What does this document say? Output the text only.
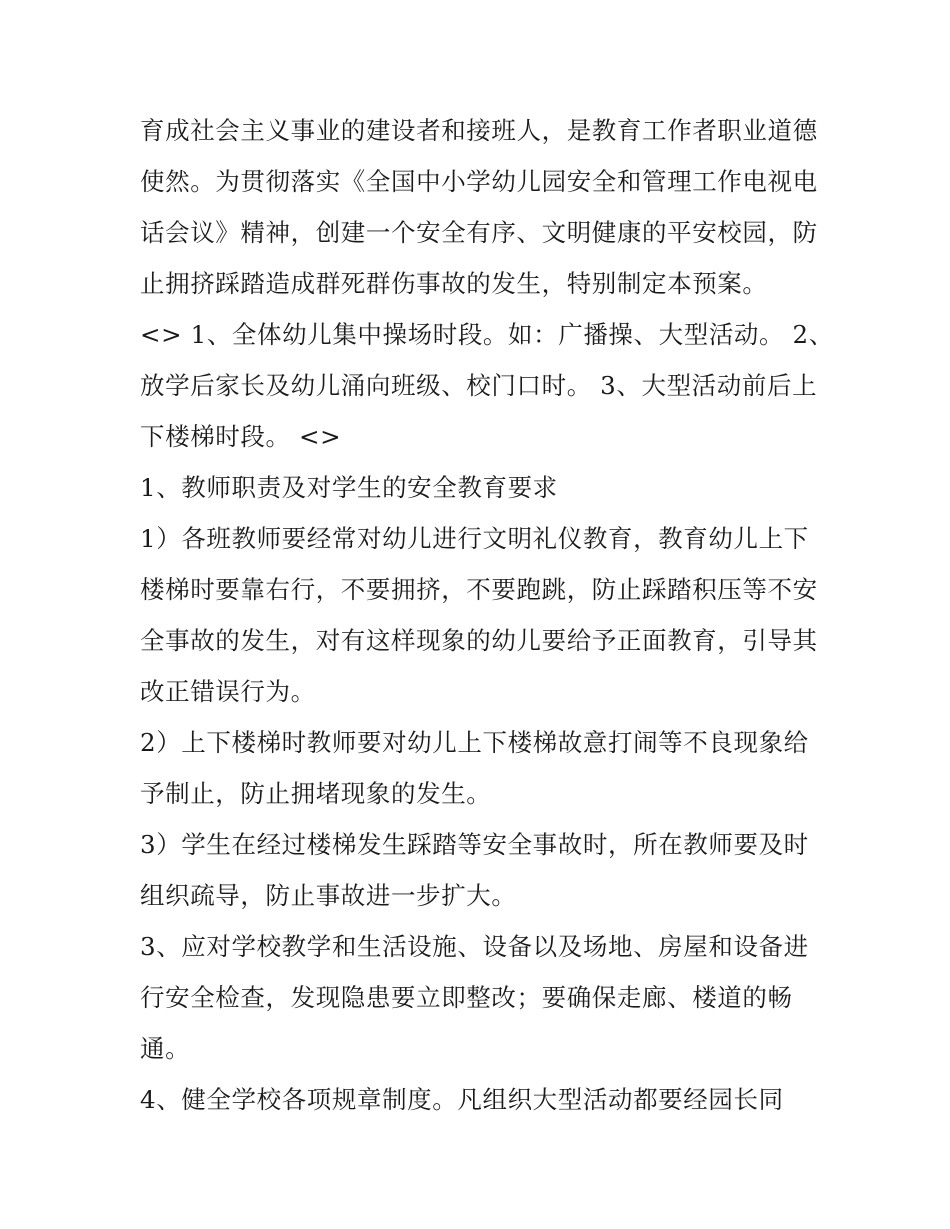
育成社会主义事业的建设者和接班人，是教育工作者职业道德
使然。为贯彻落实《全国中小学幼儿园安全和管理工作电视电
话会议》精神，创建一个安全有序、文明健康的平安校园，防
止拥挤踩踏造成群死群伤事故的发生，特别制定本预案。
<> 1、全体幼儿集中操场时段。如：广播操、大型活动。 2、
放学后家长及幼儿涌向班级、校门口时。 3、大型活动前后上
下楼梯时段。 <>
1、教师职责及对学生的安全教育要求
1）各班教师要经常对幼儿进行文明礼仪教育，教育幼儿上下
楼梯时要靠右行，不要拥挤，不要跑跳，防止踩踏积压等不安
全事故的发生，对有这样现象的幼儿要给予正面教育，引导其
改正错误行为。
2）上下楼梯时教师要对幼儿上下楼梯故意打闹等不良现象给
予制止，防止拥堵现象的发生。
3）学生在经过楼梯发生踩踏等安全事故时，所在教师要及时
组织疏导，防止事故进一步扩大。
3、应对学校教学和生活设施、设备以及场地、房屋和设备进
行安全检查，发现隐患要立即整改；要确保走廊、楼道的畅
通。
4、健全学校各项规章制度。凡组织大型活动都要经园长同
